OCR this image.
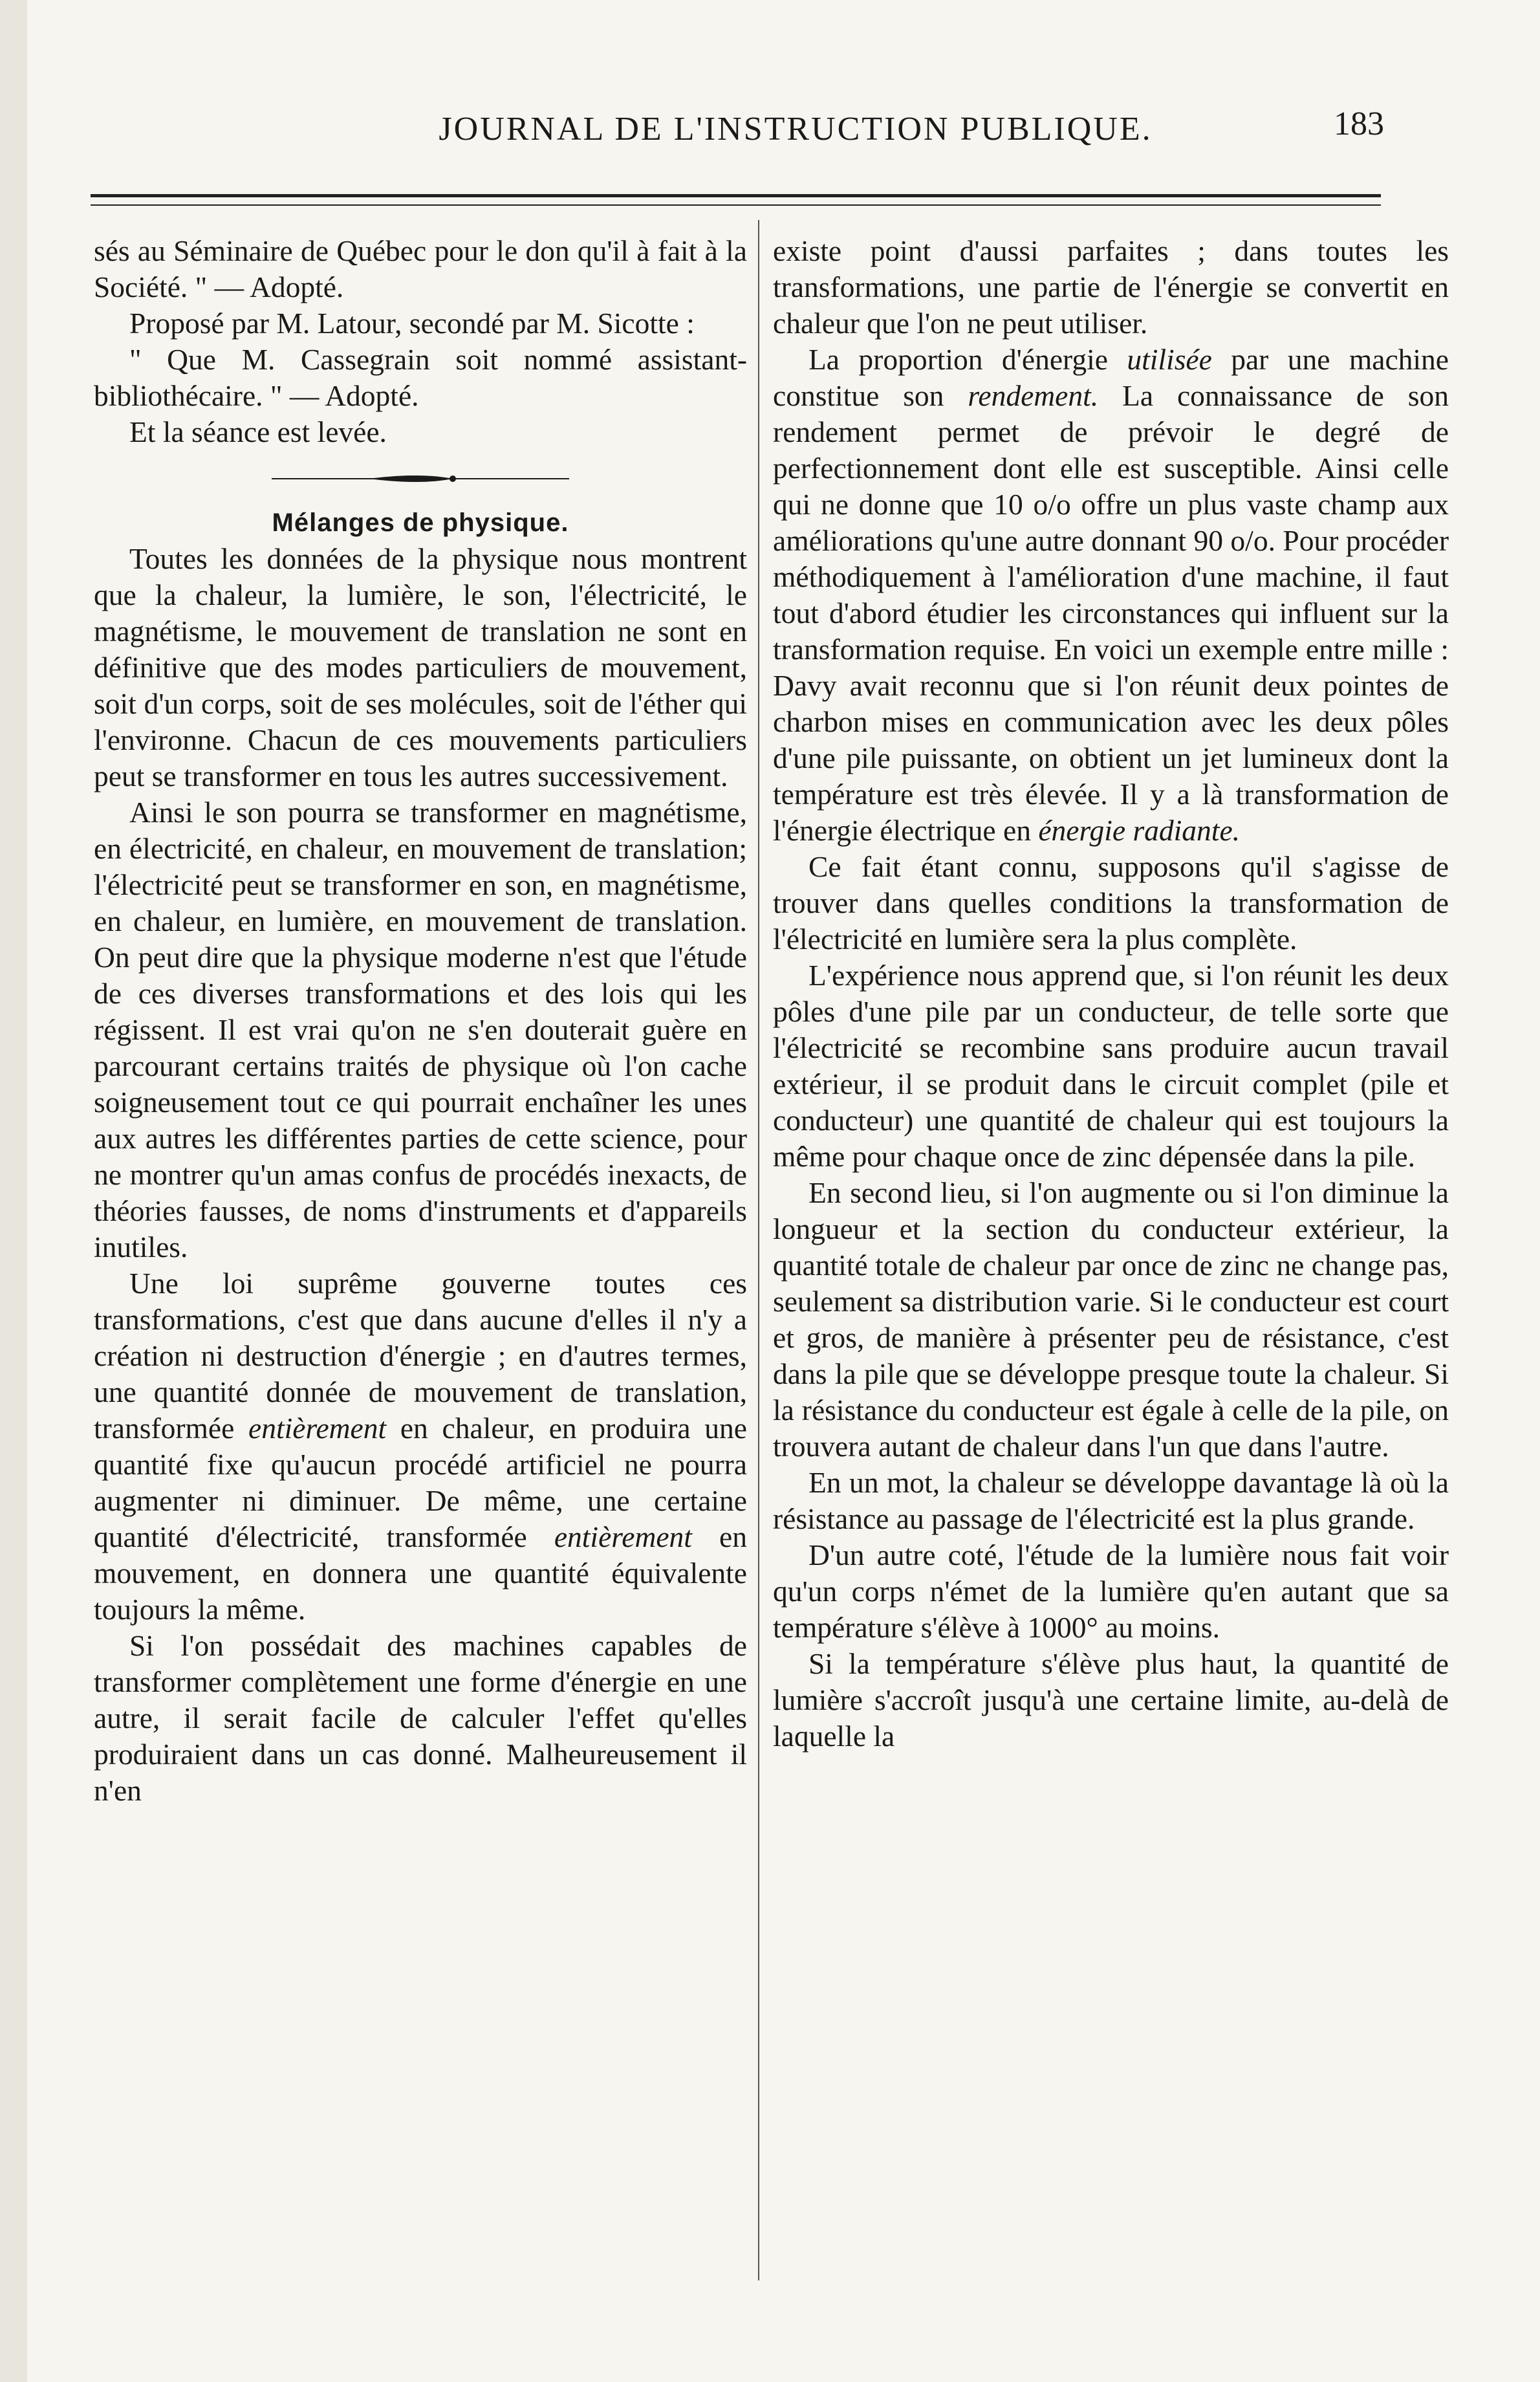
JOURNAL DE L'INSTRUCTION PUBLIQUE.	183

sés au Séminaire de Québec pour le don qu'il à fait à la Société. " — Adopté.

Proposé par M. Latour, secondé par M. Sicotte :

" Que M. Cassegrain soit nommé assistant-bibliothécaire. " — Adopté.

Et la séance est levée.

Mélanges de physique.

Toutes les données de la physique nous montrent que la chaleur, la lumière, le son, l'électricité, le magnétisme, le mouvement de translation ne sont en définitive que des modes particuliers de mouvement, soit d'un corps, soit de ses molécules, soit de l'éther qui l'environne. Chacun de ces mouvements particuliers peut se transformer en tous les autres successivement.

Ainsi le son pourra se transformer en magnétisme, en électricité, en chaleur, en mouvement de translation; l'électricité peut se transformer en son, en magnétisme, en chaleur, en lumière, en mouvement de translation. On peut dire que la physique moderne n'est que l'étude de ces diverses transformations et des lois qui les régissent. Il est vrai qu'on ne s'en douterait guère en parcourant certains traités de physique où l'on cache soigneusement tout ce qui pourrait enchaîner les unes aux autres les différentes parties de cette science, pour ne montrer qu'un amas confus de procédés inexacts, de théories fausses, de noms d'instruments et d'appareils inutiles.

Une loi suprême gouverne toutes ces transformations, c'est que dans aucune d'elles il n'y a création ni destruction d'énergie ; en d'autres termes, une quantité donnée de mouvement de translation, transformée entièrement en chaleur, en produira une quantité fixe qu'aucun procédé artificiel ne pourra augmenter ni diminuer. De même, une certaine quantité d'électricité, transformée entièrement en mouvement, en donnera une quantité équivalente toujours la même.

Si l'on possédait des machines capables de transformer complètement une forme d'énergie en une autre, il serait facile de calculer l'effet qu'elles produiraient dans un cas donné. Malheureusement il n'en

existe point d'aussi parfaites ; dans toutes les transformations, une partie de l'énergie se convertit en chaleur que l'on ne peut utiliser.

La proportion d'énergie utilisée par une machine constitue son rendement. La connaissance de son rendement permet de prévoir le degré de perfectionnement dont elle est susceptible. Ainsi celle qui ne donne que 10 o/o offre un plus vaste champ aux améliorations qu'une autre donnant 90 o/o. Pour procéder méthodiquement à l'amélioration d'une machine, il faut tout d'abord étudier les circonstances qui influent sur la transformation requise. En voici un exemple entre mille : Davy avait reconnu que si l'on réunit deux pointes de charbon mises en communication avec les deux pôles d'une pile puissante, on obtient un jet lumineux dont la température est très élevée. Il y a là transformation de l'énergie électrique en énergie radiante.

Ce fait étant connu, supposons qu'il s'agisse de trouver dans quelles conditions la transformation de l'électricité en lumière sera la plus complète.

L'expérience nous apprend que, si l'on réunit les deux pôles d'une pile par un conducteur, de telle sorte que l'électricité se recombine sans produire aucun travail extérieur, il se produit dans le circuit complet (pile et conducteur) une quantité de chaleur qui est toujours la même pour chaque once de zinc dépensée dans la pile.

En second lieu, si l'on augmente ou si l'on diminue la longueur et la section du conducteur extérieur, la quantité totale de chaleur par once de zinc ne change pas, seulement sa distribution varie. Si le conducteur est court et gros, de manière à présenter peu de résistance, c'est dans la pile que se développe presque toute la chaleur. Si la résistance du conducteur est égale à celle de la pile, on trouvera autant de chaleur dans l'un que dans l'autre.

En un mot, la chaleur se développe davantage là où la résistance au passage de l'électricité est la plus grande.

D'un autre coté, l'étude de la lumière nous fait voir qu'un corps n'émet de la lumière qu'en autant que sa température s'élève à 1000° au moins.

Si la température s'élève plus haut, la quantité de lumière s'accroît jusqu'à une certaine limite, au-delà de laquelle la
